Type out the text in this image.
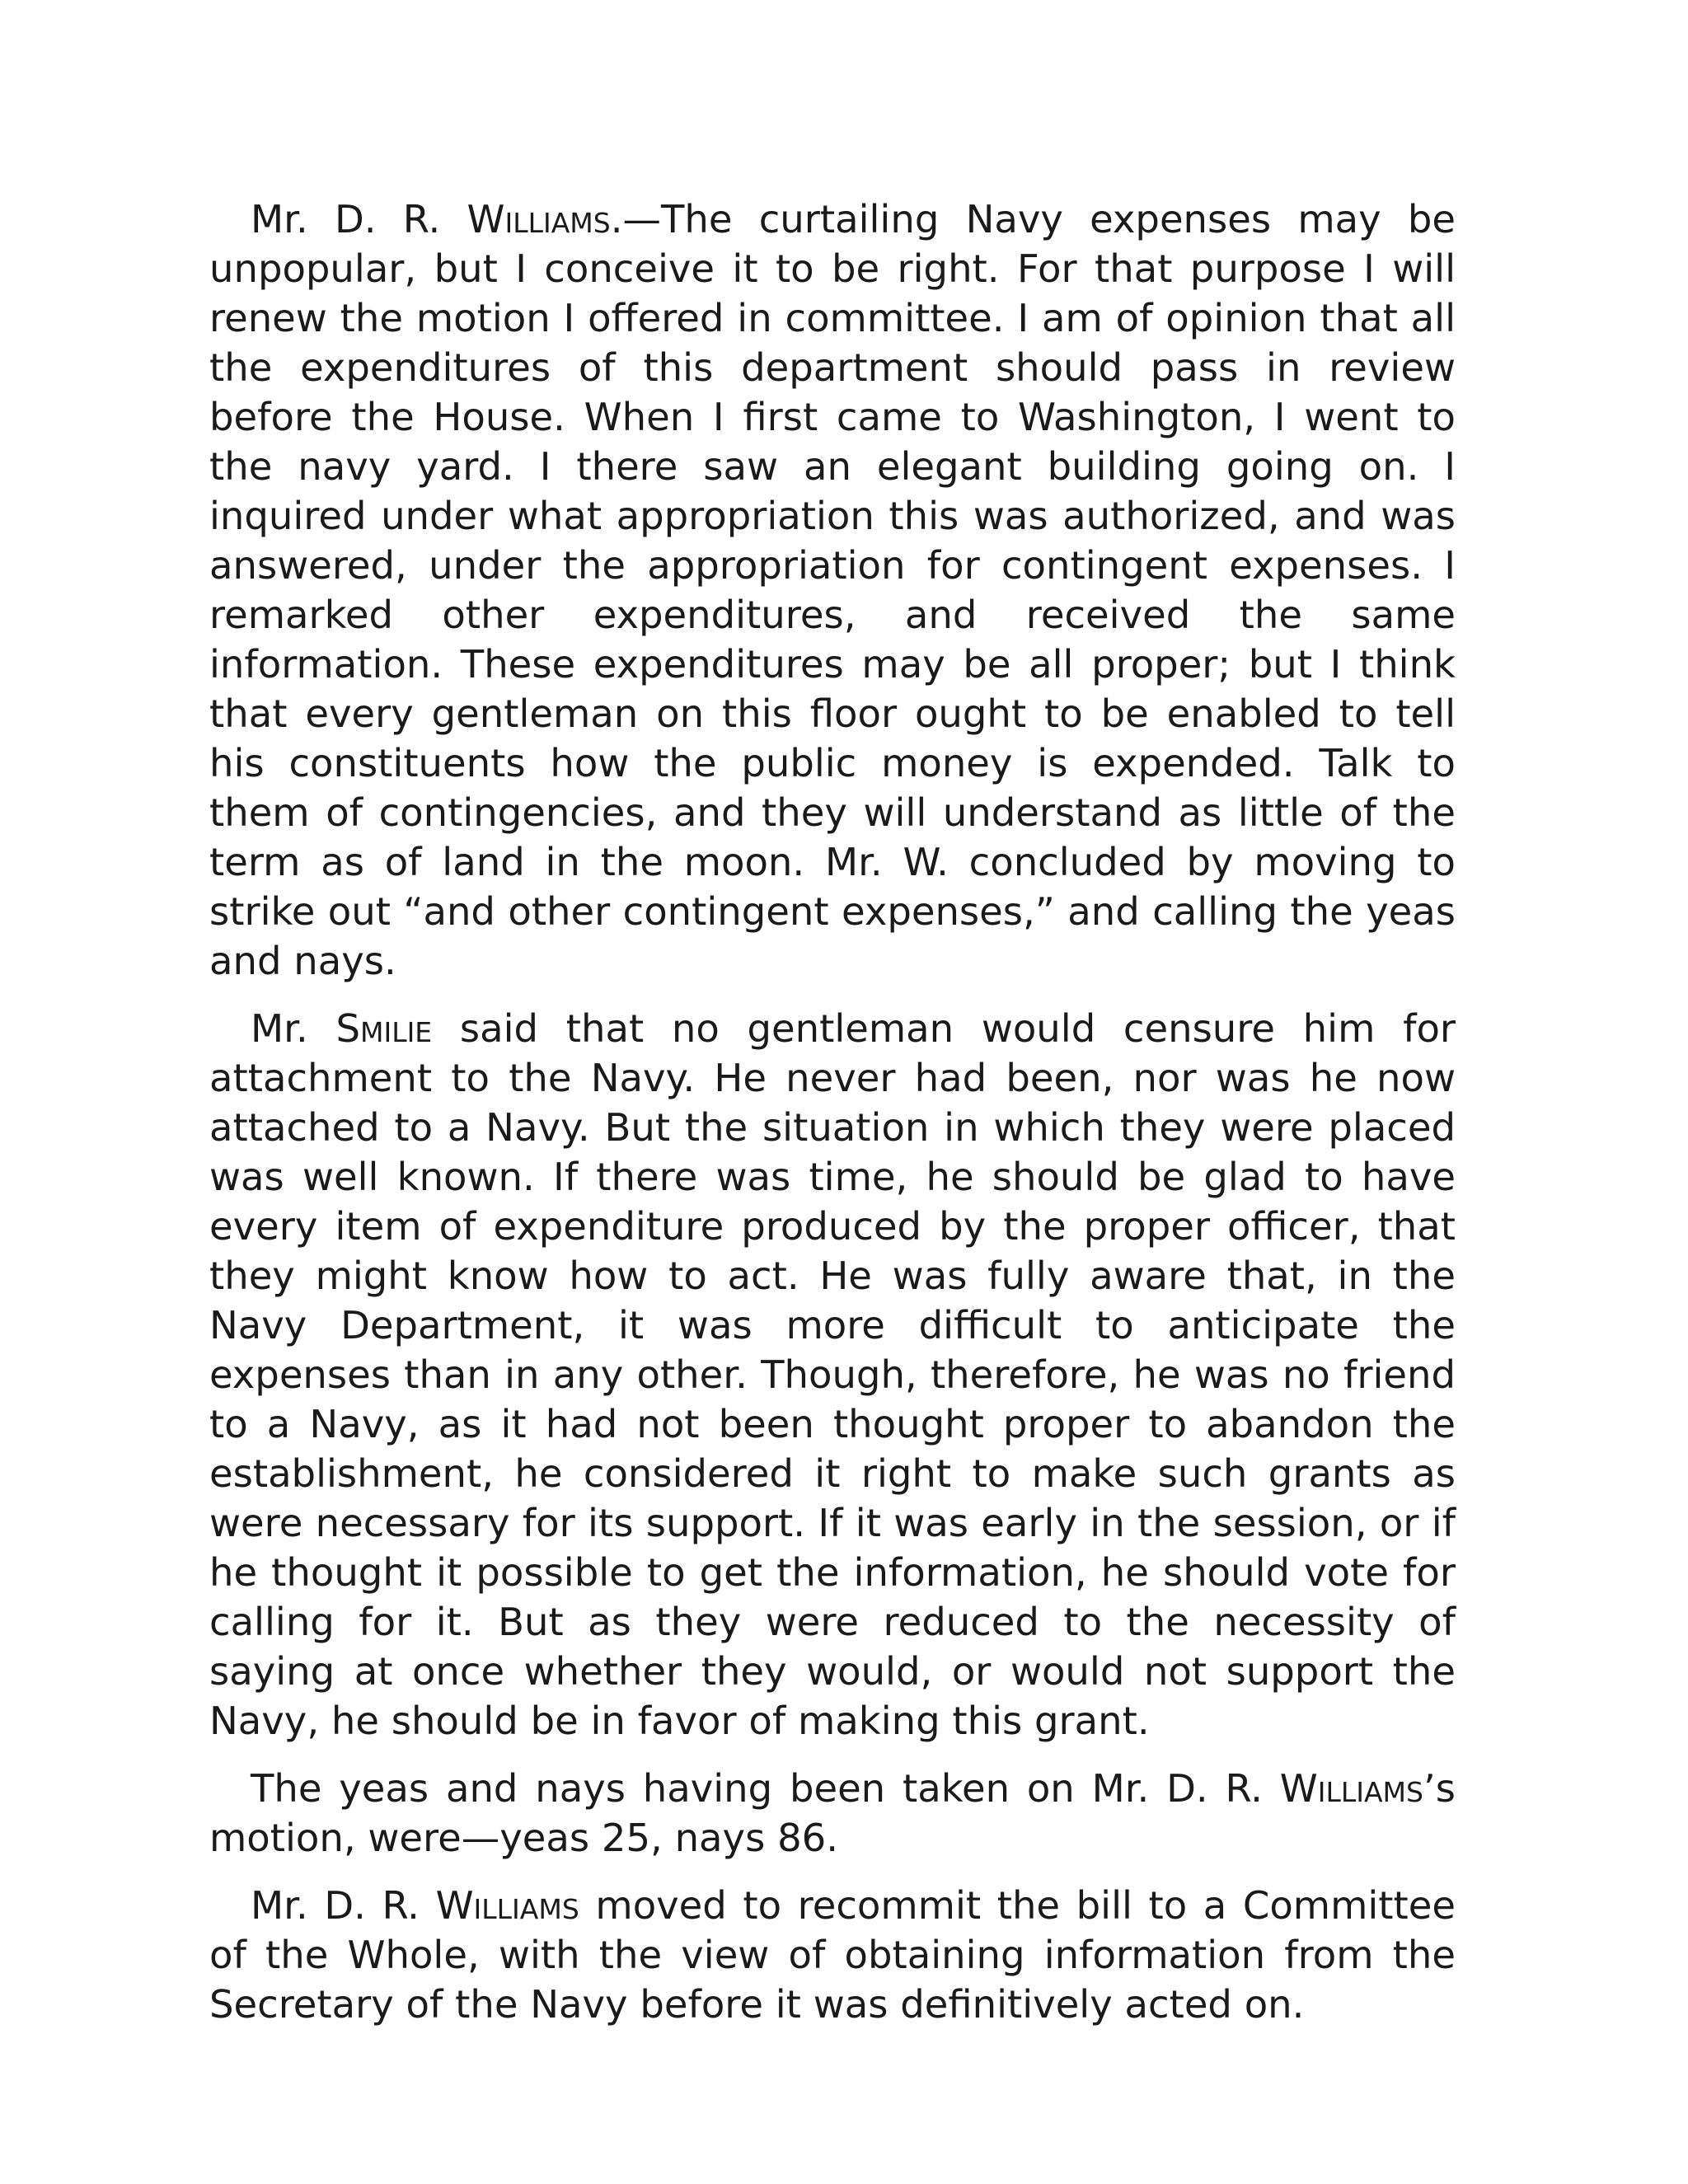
Mr. D. R. Williams.—The curtailing Navy expenses may be unpopular, but I conceive it to be right. For that purpose I will renew the motion I offered in committee. I am of opinion that all the expenditures of this department should pass in review before the House. When I first came to Washington, I went to the navy yard. I there saw an elegant building going on. I inquired under what appropriation this was authorized, and was answered, under the appropriation for contingent expenses. I remarked other expenditures, and received the same information. These expenditures may be all proper; but I think that every gentleman on this floor ought to be enabled to tell his constituents how the public money is expended. Talk to them of contingencies, and they will understand as little of the term as of land in the moon. Mr. W. concluded by moving to strike out “and other contingent expenses,” and calling the yeas and nays.

Mr. Smilie said that no gentleman would censure him for attachment to the Navy. He never had been, nor was he now attached to a Navy. But the situation in which they were placed was well known. If there was time, he should be glad to have every item of expenditure produced by the proper officer, that they might know how to act. He was fully aware that, in the Navy Department, it was more difficult to anticipate the expenses than in any other. Though, therefore, he was no friend to a Navy, as it had not been thought proper to abandon the establishment, he considered it right to make such grants as were necessary for its support. If it was early in the session, or if he thought it possible to get the information, he should vote for calling for it. But as they were reduced to the necessity of saying at once whether they would, or would not support the Navy, he should be in favor of making this grant.

The yeas and nays having been taken on Mr. D. R. Williams’s motion, were—yeas 25, nays 86.

Mr. D. R. Williams moved to recommit the bill to a Committee of the Whole, with the view of obtaining information from the Secretary of the Navy before it was definitively acted on.
